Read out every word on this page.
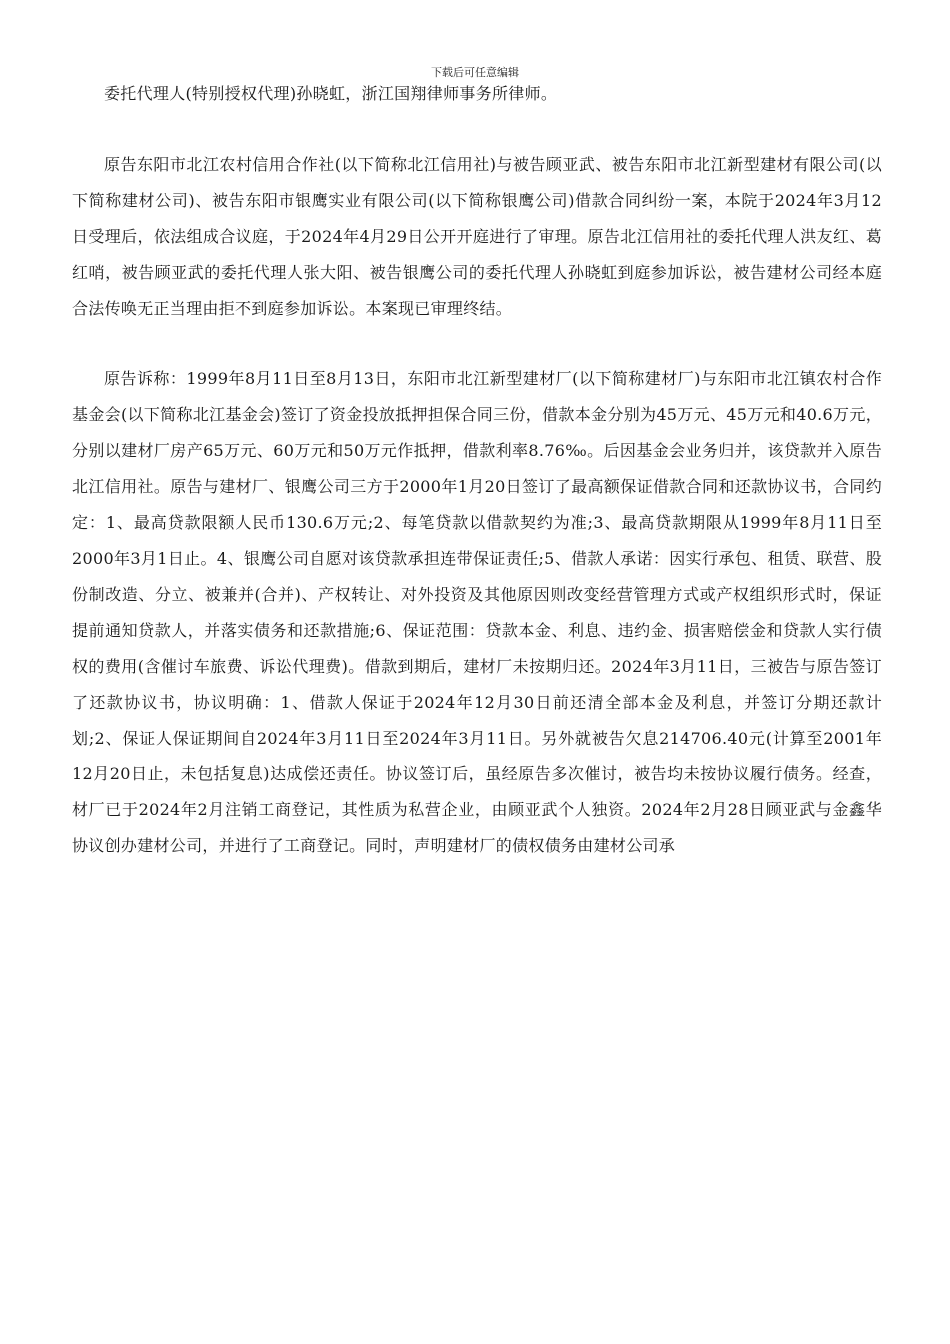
下载后可任意编辑

委托代理人(特别授权代理)孙晓虹，浙江国翔律师事务所律师。

原告东阳市北江农村信用合作社(以下简称北江信用社)与被告顾亚武、被告东阳市北江新型建材有限公司(以下简称建材公司)、被告东阳市银鹰实业有限公司(以下简称银鹰公司)借款合同纠纷一案，本院于2024年3月12日受理后，依法组成合议庭，于2024年4月29日公开开庭进行了审理。原告北江信用社的委托代理人洪友红、葛红哨，被告顾亚武的委托代理人张大阳、被告银鹰公司的委托代理人孙晓虹到庭参加诉讼，被告建材公司经本庭合法传唤无正当理由拒不到庭参加诉讼。本案现已审理终结。

原告诉称：1999年8月11日至8月13日，东阳市北江新型建材厂(以下简称建材厂)与东阳市北江镇农村合作基金会(以下简称北江基金会)签订了资金投放抵押担保合同三份，借款本金分别为45万元、45万元和40.6万元，分别以建材厂房产65万元、60万元和50万元作抵押，借款利率8.76‰。后因基金会业务归并，该贷款并入原告北江信用社。原告与建材厂、银鹰公司三方于2000年1月20日签订了最高额保证借款合同和还款协议书，合同约定：1、最高贷款限额人民币130.6万元;2、每笔贷款以借款契约为准;3、最高贷款期限从1999年8月11日至2000年3月1日止。4、银鹰公司自愿对该贷款承担连带保证责任;5、借款人承诺：因实行承包、租赁、联营、股份制改造、分立、被兼并(合并)、产权转让、对外投资及其他原因则改变经营管理方式或产权组织形式时，保证提前通知贷款人，并落实债务和还款措施;6、保证范围：贷款本金、利息、违约金、损害赔偿金和贷款人实行债权的费用(含催讨车旅费、诉讼代理费)。借款到期后，建材厂未按期归还。2024年3月11日，三被告与原告签订了还款协议书，协议明确：1、借款人保证于2024年12月30日前还清全部本金及利息，并签订分期还款计划;2、保证人保证期间自2024年3月11日至2024年3月11日。另外就被告欠息214706.40元(计算至2001年12月20日止，未包括复息)达成偿还责任。协议签订后，虽经原告多次催讨，被告均未按协议履行债务。经查，材厂已于2024年2月注销工商登记，其性质为私营企业，由顾亚武个人独资。2024年2月28日顾亚武与金鑫华协议创办建材公司，并进行了工商登记。同时，声明建材厂的债权债务由建材公司承
